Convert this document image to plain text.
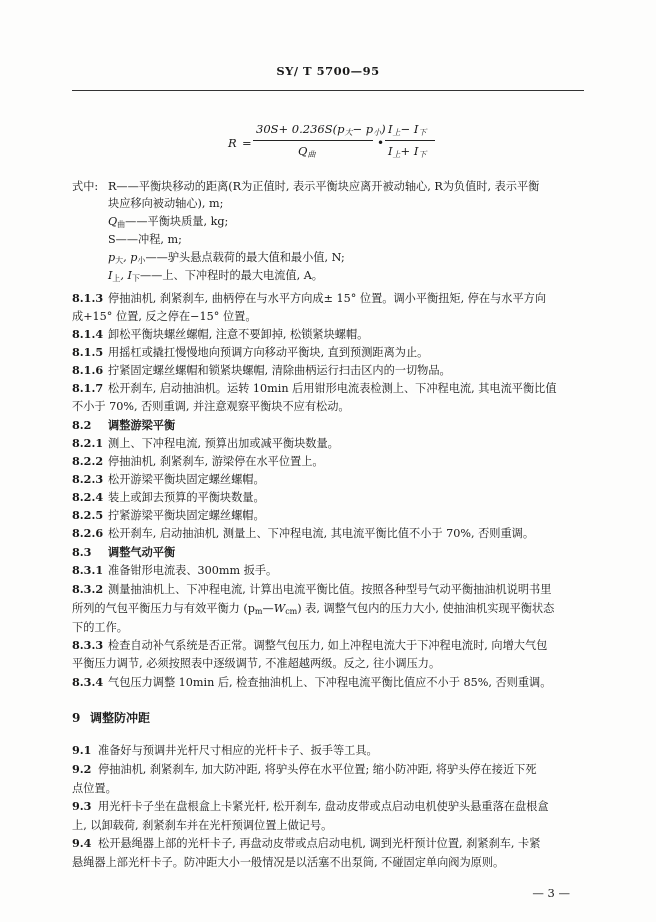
SY/ T 5700—95
R =
$30S+ 0.236S(p_大- p_小)$
$Q_曲$
•
$I_上- I_下$
$I_上+ I_下$
式中: R——平衡块移动的距离(R为正值时, 表示平衡块应离开被动轴心, R为负值时, 表示平衡
块应移向被动轴心), m;
$Q_曲——$平衡块质量, kg;
S——冲程, m;
$p_大$, $p_小——$驴头悬点载荷的最大值和最小值, N;
$I_上$, $I_下——$上、下冲程时的最大电流值, A。
8.1.3 停抽油机, 刹紧刹车, 曲柄停在与水平方向成± 15° 位置。调小平衡扭矩, 停在与水平方向
成+15° 位置, 反之停在−15° 位置。
8.1.4 卸松平衡块螺丝螺帽, 注意不要卸掉, 松锁紧块螺帽。
8.1.5 用摇杠或撬扛慢慢地向预调方向移动平衡块, 直到预测距离为止。
8.1.6 拧紧固定螺丝螺帽和锁紧块螺帽, 清除曲柄运行扫击区内的一切物品。
8.1.7 松开刹车, 启动抽油机。运转 10min 后用钳形电流表检测上、下冲程电流, 其电流平衡比值
不小于 70%, 否则重调, 并注意观察平衡块不应有松动。
8.2 调整游梁平衡
8.2.1 测上、下冲程电流, 预算出加或减平衡块数量。
8.2.2 停抽油机, 刹紧刹车, 游梁停在水平位置上。
8.2.3 松开游梁平衡块固定螺丝螺帽。
8.2.4 装上或卸去预算的平衡块数量。
8.2.5 拧紧游梁平衡块固定螺丝螺帽。
8.2.6 松开刹车, 启动抽油机, 测量上、下冲程电流, 其电流平衡比值不小于 70%, 否则重调。
8.3 调整气动平衡
8.3.1 准备钳形电流表、300mm 扳手。
8.3.2 测量抽油机上、下冲程电流, 计算出电流平衡比值。按照各种型号气动平衡抽油机说明书里
所列的气包平衡压力与有效平衡力 $(p_m—W_{cm})$ 表, 调整气包内的压力大小, 使抽油机实现平衡状态
下的工作。
8.3.3 检查自动补气系统是否正常。调整气包压力, 如上冲程电流大于下冲程电流时, 向增大气包
平衡压力调节, 必须按照表中逐级调节, 不准超越两级。反之, 往小调压力。
8.3.4 气包压力调整 10min 后, 检查抽油机上、下冲程电流平衡比值应不小于 85%, 否则重调。
9 调整防冲距
9.1 准备好与预调井光杆尺寸相应的光杆卡子、扳手等工具。
9.2 停抽油机, 刹紧刹车, 加大防冲距, 将驴头停在水平位置; 缩小防冲距, 将驴头停在接近下死
点位置。
9.3 用光杆卡子坐在盘根盒上卡紧光杆, 松开刹车, 盘动皮带或点启动电机使驴头悬重落在盘根盒
上, 以卸载荷, 刹紧刹车并在光杆预调位置上做记号。
9.4 松开悬绳器上部的光杆卡子, 再盘动皮带或点启动电机, 调到光杆预计位置, 刹紧刹车, 卡紧
悬绳器上部光杆卡子。防冲距大小一般情况是以活塞不出泵筒, 不碰固定单向阀为原则。
— 3 —
